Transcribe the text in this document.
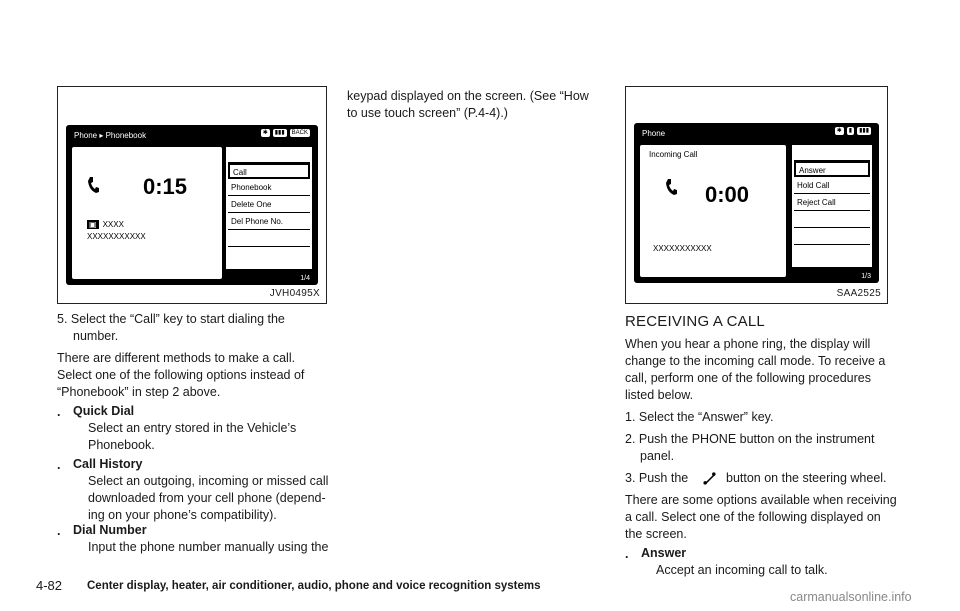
Phone ▸ Phonebook	✱	▮▮▮	BACK
0:15
▣ XXXX
XXXXXXXXXXX
Call
Phonebook
Delete One
Del Phone No.
1/4
JVH0495X

5. Select the “Call” key to start dialing the

number.

There are different methods to make a call.

Select one of the following options instead of

“Phonebook” in step 2 above.

. Quick Dial

Select an entry stored in the Vehicle’s

Phonebook.

. Call History

Select an outgoing, incoming or missed call

downloaded from your cell phone (depend-

ing on your phone’s compatibility).

. Dial Number

Input the phone number manually using the

keypad displayed on the screen. (See “How

to use touch screen” (P.4-4).)

Phone	✱	▮	▮▮▮
Incoming Call
0:00
XXXXXXXXXXX
Answer
Hold Call
Reject Call
1/3
SAA2525

RECEIVING A CALL

When you hear a phone ring, the display will

change to the incoming call mode. To receive a

call, perform one of the following procedures

listed below.

1. Select the “Answer” key.

2. Push the PHONE button on the instrument

panel.

3. Push the	button on the steering wheel.

There are some options available when receiving

a call. Select one of the following displayed on

the screen.

. Answer

Accept an incoming call to talk.

4-82 Center display, heater, air conditioner, audio, phone and voice recognition systems
carmanualsonline.info
